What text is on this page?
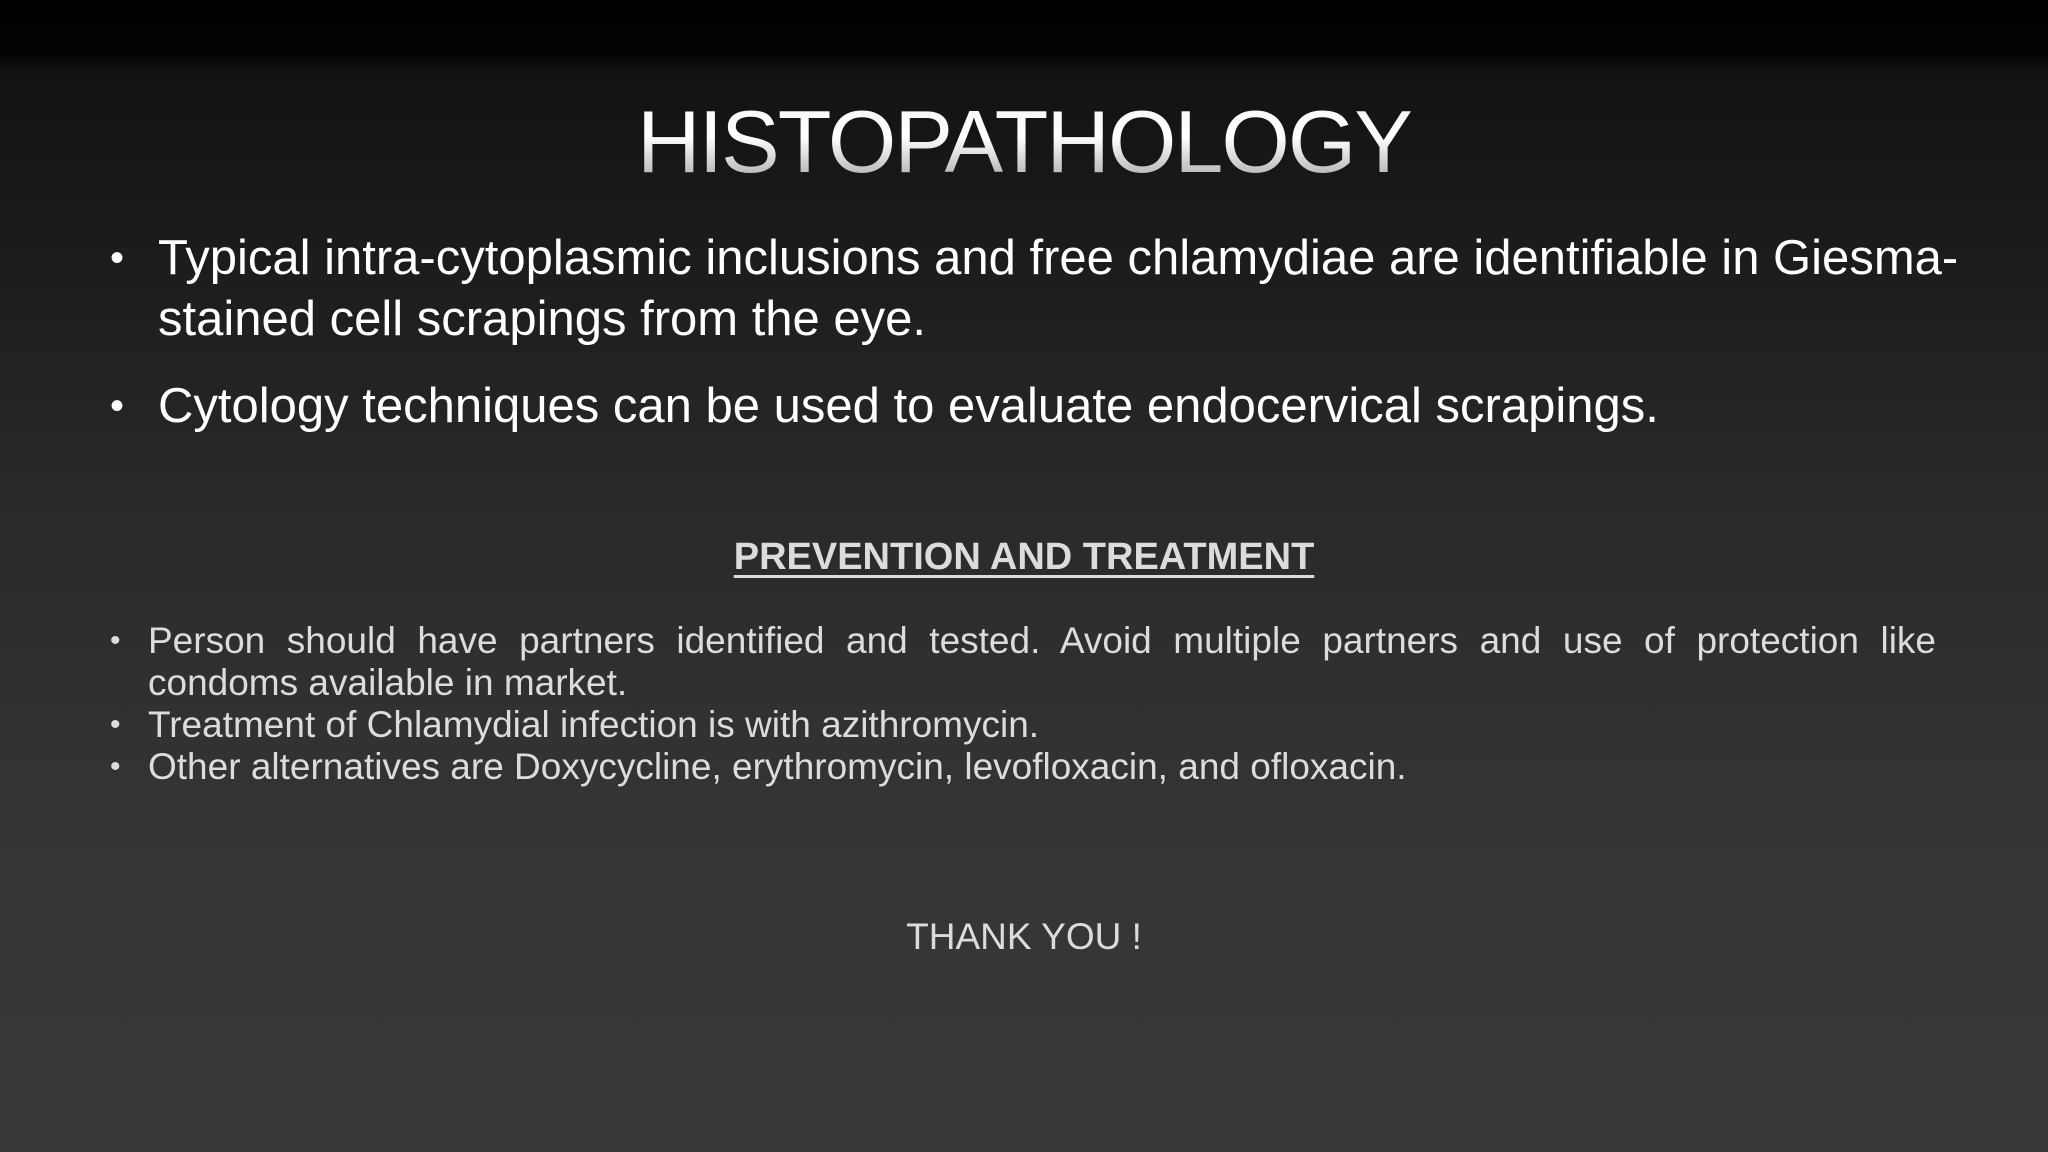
HISTOPATHOLOGY
• Typical intra-cytoplasmic inclusions and free chlamydiae are identifiable in Giesma-stained cell scrapings from the eye.
• Cytology techniques can be used to evaluate endocervical scrapings.
PREVENTION AND TREATMENT
• Person should have partners identified and tested. Avoid multiple partners and use of protection like condoms available in market.
• Treatment of Chlamydial infection is with azithromycin.
• Other alternatives are Doxycycline, erythromycin, levofloxacin, and ofloxacin.
THANK YOU !
